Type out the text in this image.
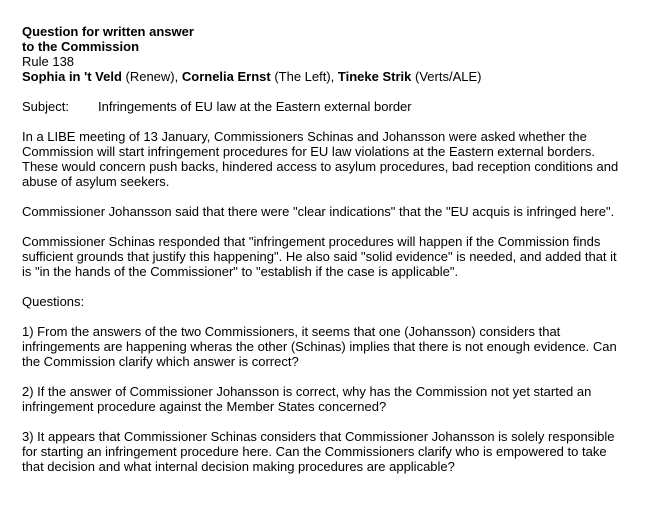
Question for written answer
to the Commission
Rule 138
Sophia in 't Veld (Renew), Cornelia Ernst (The Left), Tineke Strik (Verts/ALE)
Subject:	Infringements of EU law at the Eastern external border

In a LIBE meeting of 13 January, Commissioners Schinas and Johansson were asked whether the Commission will start infringement procedures for EU law violations at the Eastern external borders. These would concern push backs, hindered access to asylum procedures, bad reception conditions and abuse of asylum seekers.

Commissioner Johansson said that there were "clear indications" that the "EU acquis is infringed here".

Commissioner Schinas responded that "infringement procedures will happen if the Commission finds sufficient grounds that justify this happening". He also said "solid evidence" is needed, and added that it is "in the hands of the Commissioner" to "establish if the case is applicable".

Questions:

1) From the answers of the two Commissioners, it seems that one (Johansson) considers that infringements are happening wheras the other (Schinas) implies that there is not enough evidence. Can the Commission clarify which answer is correct?

2) If the answer of Commissioner Johansson is correct, why has the Commission not yet started an infringement procedure against the Member States concerned?

3) It appears that Commissioner Schinas considers that Commissioner Johansson is solely responsible for starting an infringement procedure here. Can the Commissioners clarify who is empowered to take that decision and what internal decision making procedures are applicable?
